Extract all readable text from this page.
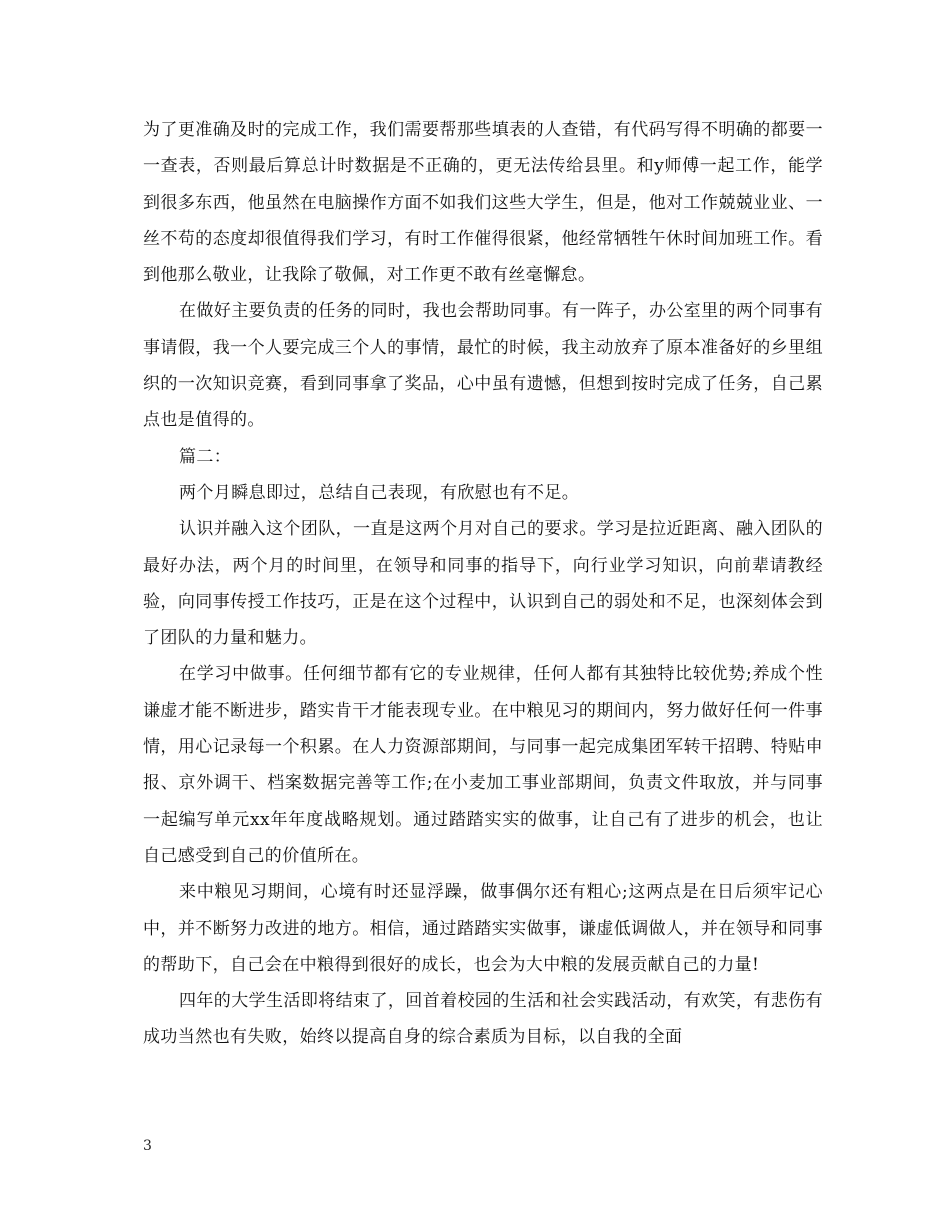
为了更准确及时的完成工作，我们需要帮那些填表的人查错，有代码写得不明确的都要一一查表，否则最后算总计时数据是不正确的，更无法传给县里。和y师傅一起工作，能学到很多东西，他虽然在电脑操作方面不如我们这些大学生，但是，他对工作兢兢业业、一丝不苟的态度却很值得我们学习，有时工作催得很紧，他经常牺牲午休时间加班工作。看到他那么敬业，让我除了敬佩，对工作更不敢有丝毫懈怠。

在做好主要负责的任务的同时，我也会帮助同事。有一阵子，办公室里的两个同事有事请假，我一个人要完成三个人的事情，最忙的时候，我主动放弃了原本准备好的乡里组织的一次知识竞赛，看到同事拿了奖品，心中虽有遗憾，但想到按时完成了任务，自己累点也是值得的。

篇二：

两个月瞬息即过，总结自己表现，有欣慰也有不足。

认识并融入这个团队，一直是这两个月对自己的要求。学习是拉近距离、融入团队的最好办法，两个月的时间里，在领导和同事的指导下，向行业学习知识，向前辈请教经验，向同事传授工作技巧，正是在这个过程中，认识到自己的弱处和不足，也深刻体会到了团队的力量和魅力。

在学习中做事。任何细节都有它的专业规律，任何人都有其独特比较优势;养成个性谦虚才能不断进步，踏实肯干才能表现专业。在中粮见习的期间内，努力做好任何一件事情，用心记录每一个积累。在人力资源部期间，与同事一起完成集团军转干招聘、特贴申报、京外调干、档案数据完善等工作;在小麦加工事业部期间，负责文件取放，并与同事一起编写单元xx年年度战略规划。通过踏踏实实的做事，让自己有了进步的机会，也让自己感受到自己的价值所在。

来中粮见习期间，心境有时还显浮躁，做事偶尔还有粗心;这两点是在日后须牢记心中，并不断努力改进的地方。相信，通过踏踏实实做事，谦虚低调做人，并在领导和同事的帮助下，自己会在中粮得到很好的成长，也会为大中粮的发展贡献自己的力量!

四年的大学生活即将结束了，回首着校园的生活和社会实践活动，有欢笑，有悲伤有成功当然也有失败，始终以提高自身的综合素质为目标，以自我的全面

3
